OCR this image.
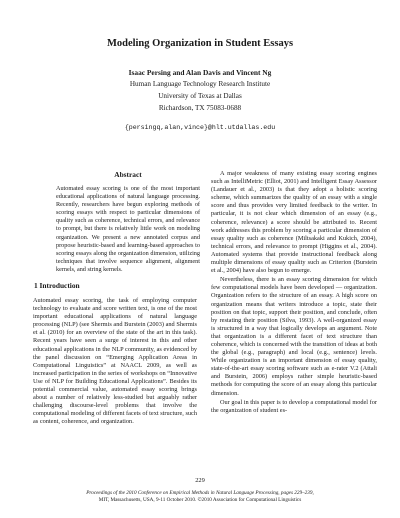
Modeling Organization in Student Essays
Isaac Persing and Alan Davis and Vincent Ng
Human Language Technology Research Institute
University of Texas at Dallas
Richardson, TX 75083-0688
{persingq,alan,vince}@hlt.utdallas.edu
Abstract
Automated essay scoring is one of the most important educational applications of natural language processing. Recently, researchers have begun exploring methods of scoring essays with respect to particular dimensions of quality such as coherence, technical errors, and relevance to prompt, but there is relatively little work on modeling organization. We present a new annotated corpus and propose heuristic-based and learning-based approaches to scoring essays along the organization dimension, utilizing techniques that involve sequence alignment, alignment kernels, and string kernels.
1 Introduction

Automated essay scoring, the task of employing computer technology to evaluate and score written text, is one of the most important educational applications of natural language processing (NLP) (see Shermis and Burstein (2003) and Shermis et al. (2010) for an overview of the state of the art in this task). Recent years have seen a surge of interest in this and other educational applications in the NLP community, as evidenced by the panel discussion on “Emerging Application Areas in Computational Linguistics” at NAACL 2009, as well as increased participation in the series of workshops on “Innovative Use of NLP for Building Educational Applications”. Besides its potential commercial value, automated essay scoring brings about a number of relatively less-studied but arguably rather challenging discourse-level problems that involve the computational modeling of different facets of text structure, such as content, coherence, and organization.

A major weakness of many existing essay scoring engines such as IntelliMetric (Elliot, 2001) and Intelligent Essay Assessor (Landauer et al., 2003) is that they adopt a holistic scoring scheme, which summarizes the quality of an essay with a single score and thus provides very limited feedback to the writer. In particular, it is not clear which dimension of an essay (e.g., coherence, relevance) a score should be attributed to. Recent work addresses this problem by scoring a particular dimension of essay quality such as coherence (Miltsakaki and Kukich, 2004), technical errors, and relevance to prompt (Higgins et al., 2004). Automated systems that provide instructional feedback along multiple dimensions of essay quality such as Criterion (Burstein et al., 2004) have also begun to emerge.

Nevertheless, there is an essay scoring dimension for which few computational models have been developed — organization. Organization refers to the structure of an essay. A high score on organization means that writers introduce a topic, state their position on that topic, support their position, and conclude, often by restating their position (Silva, 1993). A well-organized essay is structured in a way that logically develops an argument. Note that organization is a different facet of text structure than coherence, which is concerned with the transition of ideas at both the global (e.g., paragraph) and local (e.g., sentence) levels. While organization is an important dimension of essay quality, state-of-the-art essay scoring software such as e-rater V.2 (Attali and Burstein, 2006) employs rather simple heuristic-based methods for computing the score of an essay along this particular dimension.

Our goal in this paper is to develop a computational model for the organization of student es-

229
Proceedings of the 2010 Conference on Empirical Methods in Natural Language Processing, pages 229–239,
MIT, Massachusetts, USA, 9-11 October 2010. ©2010 Association for Computational Linguistics
